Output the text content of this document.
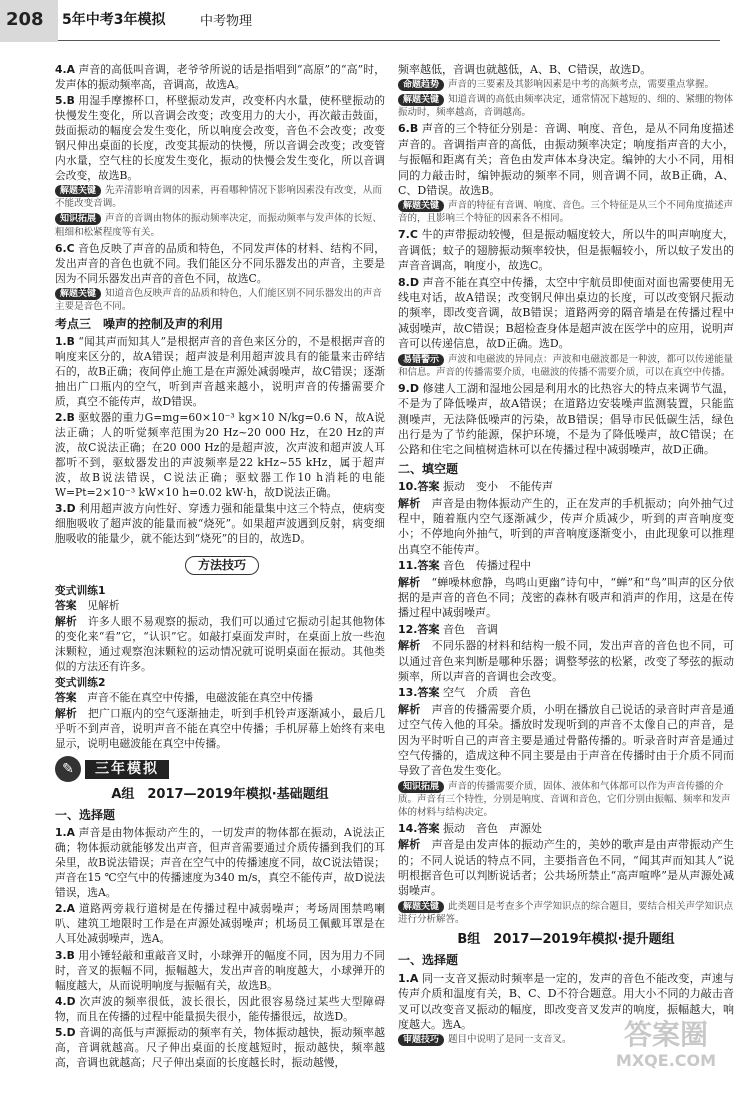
208 5年中考3年模拟	中考物理
4.A 声音的高低叫音调，老爷爷所说的话是指唱到“高原”的“高”时，发声体的振动频率高，音调高，故选A。
5.B 用湿手摩擦杯口，杯壁振动发声，改变杯内水量，使杯壁振动的快慢发生变化，所以音调会改变；改变用力的大小，再次敲击鼓面，鼓面振动的幅度会发生变化，所以响度会改变，音色不会改变；改变钢尺伸出桌面的长度，改变其振动的快慢，所以音调会改变；改变管内水量，空气柱的长度发生变化，振动的快慢会发生变化，所以音调会改变，故选B。
解题关键 先弄清影响音调的因素，再看哪种情况下影响因素没有改变，从而不能改变音调。
知识拓展 声音的音调由物体的振动频率决定，而振动频率与发声体的长短、粗细和松紧程度等有关。
6.C 音色反映了声音的品质和特色，不同发声体的材料、结构不同，发出声音的音色也就不同。我们能区分不同乐器发出的声音，主要是因为不同乐器发出声音的音色不同，故选C。
解题关键 知道音色反映声音的品质和特色，人们能区别不同乐器发出的声音主要是音色不同。
考点三　噪声的控制及声的利用
1.B “闻其声而知其人”是根据声音的音色来区分的，不是根据声音的响度来区分的，故A错误；超声波是利用超声波具有的能量来击碎结石的，故B正确；夜间停止施工是在声源处减弱噪声，故C错误；逐渐抽出广口瓶内的空气，听到声音越来越小，说明声音的传播需要介质，真空不能传声，故D错误。
2.B 驱蚊器的重力G=mg=60×10⁻³ kg×10 N/kg=0.6 N，故A说法正确；人的听觉频率范围为20 Hz~20 000 Hz，在20 Hz的声波，故C说法正确；在20 000 Hz的是超声波，次声波和超声波人耳都听不到，驱蚊器发出的声波频率是22 kHz~55 kHz，属于超声波，故B说法错误，C说法正确；驱蚊器工作10 h消耗的电能W=Pt=2×10⁻³ kW×10 h=0.02 kW·h，故D说法正确。
3.D 利用超声波方向性好、穿透力强和能量集中这三个特点，使病变细胞吸收了超声波的能量而被“烧死”。如果超声波遇到反射，病变细胞吸收的能量少，就不能达到“烧死”的目的，故选D。
方法技巧
变式训练1
答案　 见解析
解析　 许多人眼不易观察的振动，我们可以通过它振动引起其他物体的变化来“看”它，“认识”它。如敲打桌面发声时，在桌面上放一些泡沫颗粒，通过观察泡沫颗粒的运动情况就可说明桌面在振动。其他类似的方法还有许多。
变式训练2
答案　 声音不能在真空中传播，电磁波能在真空中传播
解析　 把广口瓶内的空气逐渐抽走，听到手机铃声逐渐减小，最后几乎听不到声音，说明声音不能在真空中传播；手机屏幕上始终有来电显示，说明电磁波能在真空中传播。
✎	三年模拟
A组　2017—2019年模拟·基础题组
一、选择题
1.A 声音是由物体振动产生的，一切发声的物体都在振动，A说法正确；物体振动就能够发出声音，但声音需要通过介质传播到我们的耳朵里，故B说法错误；声音在空气中的传播速度不同，故C说法错误；声音在15 ℃空气中的传播速度为340 m/s，真空不能传声，故D说法错误，选A。
2.A 道路两旁栽行道树是在传播过程中减弱噪声；考场周围禁鸣喇叭、建筑工地限时工作是在声源处减弱噪声；机场员工佩戴耳罩是在人耳处减弱噪声，选A。
3.B 用小锤轻敲和重敲音叉时，小球弹开的幅度不同，因为用力不同时，音叉的振幅不同，振幅越大，发出声音的响度越大，小球弹开的幅度越大，从而说明响度与振幅有关，故选B。
4.D 次声波的频率很低，波长很长，因此很容易绕过某些大型障碍物，而且在传播的过程中能量损失很小，能传播很远，故选D。
5.D 音调的高低与声源振动的频率有关，物体振动越快，振动频率越高，音调就越高。尺子伸出桌面的长度越短时，振动越快，频率越高，音调也就越高；尺子伸出桌面的长度越长时，振动越慢，
频率越低，音调也就越低，A、B、C错误，故选D。
命题趋势 声音的三要素及其影响因素是中考的高频考点，需要重点掌握。
解题关键 知道音调的高低由频率决定，通常情况下越短的、细的、紧绷的物体振动时，频率越高，音调越高。
6.B 声音的三个特征分别是：音调、响度、音色，是从不同角度描述声音的。音调指声音的高低，由振动频率决定；响度指声音的大小，与振幅和距离有关；音色由发声体本身决定。编钟的大小不同，用相同的力敲击时，编钟振动的频率不同，则音调不同，故B正确，A、C、D错误。故选B。
解题关键 声音的特征有音调、响度、音色。三个特征是从三个不同角度描述声音的，且影响三个特征的因素各不相同。
7.C 牛的声带振动较慢，但是振动幅度较大，所以牛的叫声响度大，音调低；蚊子的翅膀振动频率较快，但是振幅较小，所以蚊子发出的声音音调高，响度小，故选C。
8.D 声音不能在真空中传播，太空中宇航员即使面对面也需要使用无线电对话，故A错误；改变钢尺伸出桌边的长度，可以改变钢尺振动的频率，即改变音调，故B错误；道路两旁的隔音墙是在传播过程中减弱噪声，故C错误；B超检查身体是超声波在医学中的应用，说明声音可以传递信息，故D正确。选D。
易错警示 声波和电磁波的异同点：声波和电磁波都是一种波，都可以传递能量和信息。声音的传播需要介质，电磁波的传播不需要介质，可以在真空中传播。
9.D 修建人工湖和湿地公园是利用水的比热容大的特点来调节气温，不是为了降低噪声，故A错误；在道路边安装噪声监测装置，只能监测噪声，无法降低噪声的污染，故B错误；倡导市民低碳生活，绿色出行是为了节约能源，保护环境，不是为了降低噪声，故C错误；在公路和住宅之间植树造林可以在传播过程中减弱噪声，故D正确。
二、填空题
10.答案 振动　变小　不能传声
解析　 声音是由物体振动产生的，正在发声的手机振动；向外抽气过程中，随着瓶内空气逐渐减少，传声介质减少，听到的声音响度变小；不停地向外抽气，听到的声音响度逐渐变小，由此现象可以推理出真空不能传声。
11.答案 音色　传播过程中
解析　 “蝉噪林愈静，鸟鸣山更幽”诗句中，“蝉”和“鸟”叫声的区分依据的是声音的音色不同；茂密的森林有吸声和消声的作用，这是在传播过程中减弱噪声。
12.答案 音色　音调
解析　 不同乐器的材料和结构一般不同，发出声音的音色也不同，可以通过音色来判断是哪种乐器；调整琴弦的松紧，改变了琴弦的振动频率，所以声音的音调也会改变。
13.答案 空气　介质　音色
解析　 声音的传播需要介质，小明在播放自己说话的录音时声音是通过空气传入他的耳朵。播放时发现听到的声音不太像自己的声音，是因为平时听自己的声音主要是通过骨骼传播的。听录音时声音是通过空气传播的，造成这种不同主要是由于声音在传播时由于介质不同而导致了音色发生变化。
知识拓展 声音的传播需要介质，固体、液体和气体都可以作为声音传播的介质。声音有三个特性，分别是响度、音调和音色，它们分别由振幅、频率和发声体的材料与结构决定。
14.答案 振动　音色　声源处
解析　 声音是由发声体的振动产生的，美妙的歌声是由声带振动产生的；不同人说话的特点不同，主要指音色不同，“闻其声而知其人”说明根据音色可以判断说话者；公共场所禁止“高声喧哗”是从声源处减弱噪声。
解题关键 此类题目是考查多个声学知识点的综合题目，要结合相关声学知识点进行分析解答。
B组　2017—2019年模拟·提升题组
一、选择题
1.A 同一支音叉振动时频率是一定的，发声的音色不能改变，声速与传声介质和温度有关，B、C、D不符合题意。用大小不同的力敲击音叉可以改变音叉振动的幅度，即改变音叉发声的响度，振幅越大，响度越大。选A。
审题技巧 题目中说明了是同一支音叉。	答案圈
MXQE.COM
